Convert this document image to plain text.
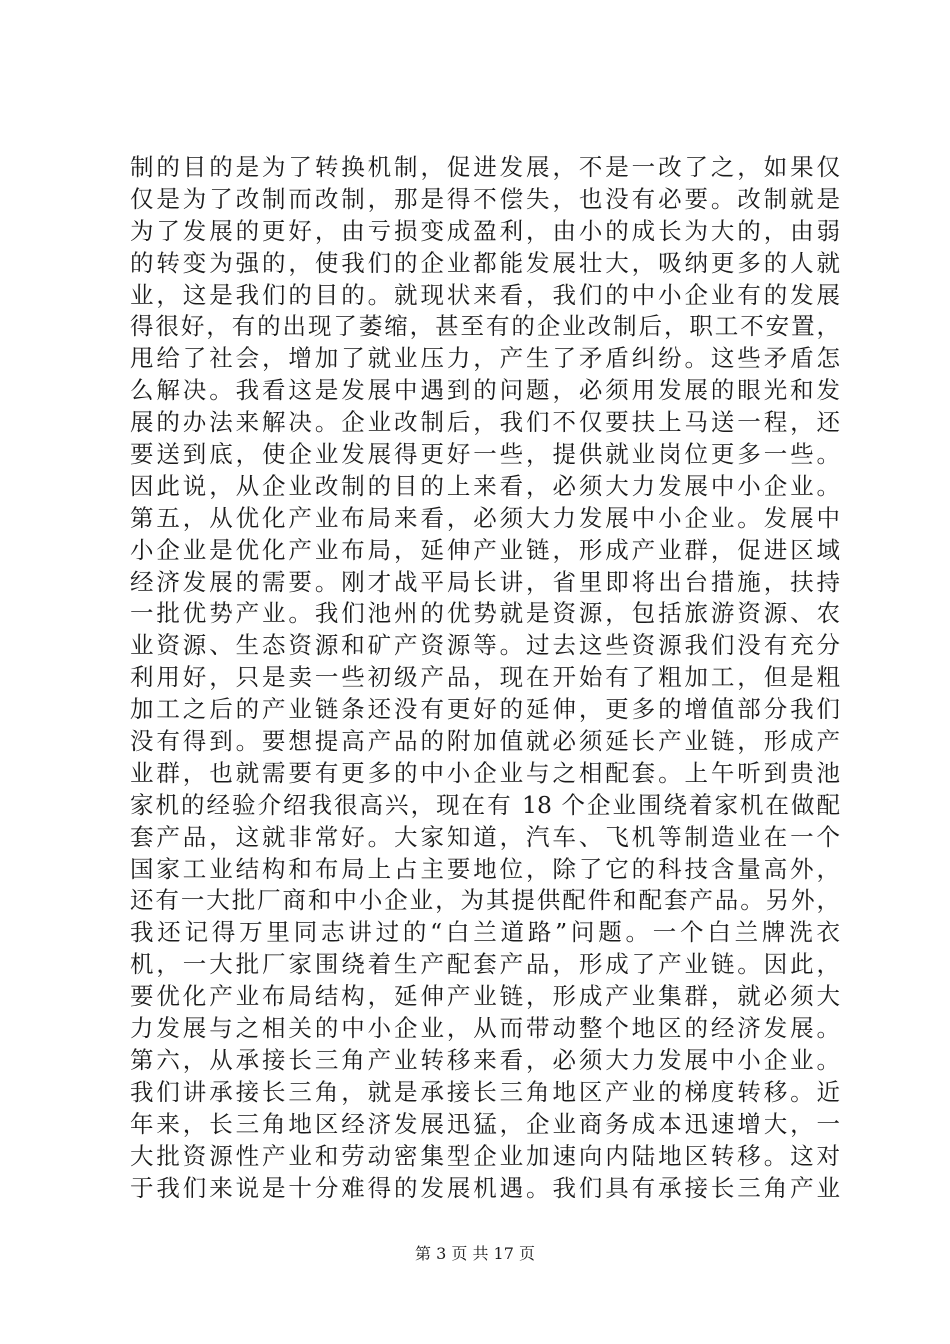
制的目的是为了转换机制，促进发展，不是一改了之，如果仅
仅是为了改制而改制，那是得不偿失，也没有必要。改制就是
为了发展的更好，由亏损变成盈利，由小的成长为大的，由弱
的转变为强的，使我们的企业都能发展壮大，吸纳更多的人就
业，这是我们的目的。就现状来看，我们的中小企业有的发展
得很好，有的出现了萎缩，甚至有的企业改制后，职工不安置，
甩给了社会，增加了就业压力，产生了矛盾纠纷。这些矛盾怎
么解决。我看这是发展中遇到的问题，必须用发展的眼光和发
展的办法来解决。企业改制后，我们不仅要扶上马送一程，还
要送到底，使企业发展得更好一些，提供就业岗位更多一些。
因此说，从企业改制的目的上来看，必须大力发展中小企业。
第五，从优化产业布局来看，必须大力发展中小企业。发展中
小企业是优化产业布局，延伸产业链，形成产业群，促进区域
经济发展的需要。刚才战平局长讲，省里即将出台措施，扶持
一批优势产业。我们池州的优势就是资源，包括旅游资源、农
业资源、生态资源和矿产资源等。过去这些资源我们没有充分
利用好，只是卖一些初级产品，现在开始有了粗加工，但是粗
加工之后的产业链条还没有更好的延伸，更多的增值部分我们
没有得到。要想提高产品的附加值就必须延长产业链，形成产
业群，也就需要有更多的中小企业与之相配套。上午听到贵池
家机的经验介绍我很高兴，现在有 18 个企业围绕着家机在做配
套产品，这就非常好。大家知道，汽车、飞机等制造业在一个
国家工业结构和布局上占主要地位，除了它的科技含量高外，
还有一大批厂商和中小企业，为其提供配件和配套产品。另外，
我还记得万里同志讲过的“白兰道路”问题。一个白兰牌洗衣
机，一大批厂家围绕着生产配套产品，形成了产业链。因此，
要优化产业布局结构，延伸产业链，形成产业集群，就必须大
力发展与之相关的中小企业，从而带动整个地区的经济发展。
第六，从承接长三角产业转移来看，必须大力发展中小企业。
我们讲承接长三角，就是承接长三角地区产业的梯度转移。近
年来，长三角地区经济发展迅猛，企业商务成本迅速增大，一
大批资源性产业和劳动密集型企业加速向内陆地区转移。这对
于我们来说是十分难得的发展机遇。我们具有承接长三角产业
第 3 页 共 17 页
